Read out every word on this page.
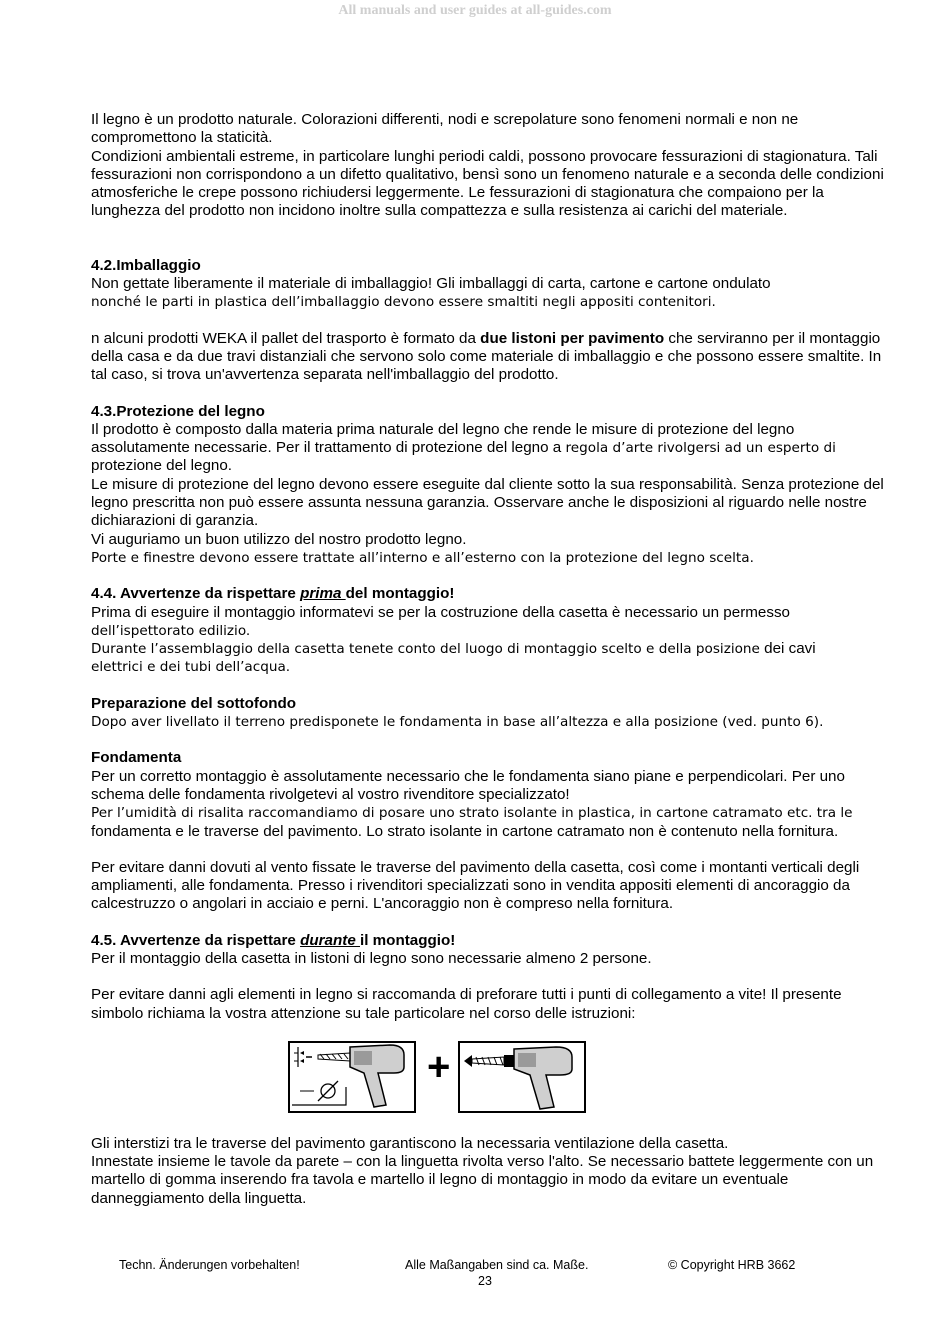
All manuals and user guides at all-guides.com

Il legno è un prodotto naturale. Colorazioni differenti, nodi e screpolature sono fenomeni normali e non ne compromettono la staticità.

Condizioni ambientali estreme, in particolare lunghi periodi caldi, possono provocare fessurazioni di stagionatura. Tali fessurazioni non corrispondono a un difetto qualitativo, bensì sono un fenomeno naturale e a seconda delle condizioni atmosferiche le crepe possono richiudersi leggermente. Le fessurazioni di stagionatura che compaiono per la lunghezza del prodotto non incidono inoltre sulla compattezza e sulla resistenza ai carichi del materiale.

4.2.Imballaggio

Non gettate liberamente il materiale di imballaggio! Gli imballaggi di carta, cartone e cartone ondulato

nonché le parti in plastica dell’imballaggio devono essere smaltiti negli appositi contenitori.

n alcuni prodotti WEKA il pallet del trasporto è formato da due listoni per pavimento che serviranno per il montaggio della casa e da due travi distanziali che servono solo come materiale di imballaggio e che possono essere smaltite. In tal caso, si trova un'avvertenza separata nell'imballaggio del prodotto.

4.3.Protezione del legno

Il prodotto è composto dalla materia prima naturale del legno che rende le misure di protezione del legno assolutamente necessarie. Per il trattamento di protezione del legno a regola d’arte rivolgersi ad un esperto di protezione del legno.

Le misure di protezione del legno devono essere eseguite dal cliente sotto la sua responsabilità. Senza protezione del legno prescritta non può essere assunta nessuna garanzia. Osservare anche le disposizioni al riguardo nelle nostre dichiarazioni di garanzia.

Vi auguriamo un buon utilizzo del nostro prodotto legno.

Porte e finestre devono essere trattate all’interno e all’esterno con la protezione del legno scelta.

4.4. Avvertenze da rispettare prima del montaggio!

Prima di eseguire il montaggio informatevi se per la costruzione della casetta è necessario un permesso

dell’ispettorato edilizio.

Durante l’assemblaggio della casetta tenete conto del luogo di montaggio scelto e della posizione dei cavi

elettrici e dei tubi dell’acqua.

Preparazione del sottofondo

Dopo aver livellato il terreno predisponete le fondamenta in base all’altezza e alla posizione (ved. punto 6).

Fondamenta

Per un corretto montaggio è assolutamente necessario che le fondamenta siano piane e perpendicolari. Per uno schema delle fondamenta rivolgetevi al vostro rivenditore specializzato!

Per l’umidità di risalita raccomandiamo di posare uno strato isolante in plastica, in cartone catramato etc. tra le

fondamenta e le traverse del pavimento. Lo strato isolante in cartone catramato non è contenuto nella fornitura.

Per evitare danni dovuti al vento fissate le traverse del pavimento della casetta, così come i montanti verticali degli ampliamenti, alle fondamenta. Presso i rivenditori specializzati sono in vendita appositi elementi di ancoraggio da calcestruzzo o angolari in acciaio e perni. L'ancoraggio non è compreso nella fornitura.

4.5. Avvertenze da rispettare durante il montaggio!

Per il montaggio della casetta in listoni di legno sono necessarie almeno 2 persone.

Per evitare danni agli elementi in legno si raccomanda di preforare tutti i punti di collegamento a vite! Il presente simbolo richiama la vostra attenzione su tale particolare nel corso delle istruzioni:

+

Gli interstizi tra le traverse del pavimento garantiscono la necessaria ventilazione della casetta.

Innestate insieme le tavole da parete – con la linguetta rivolta verso l'alto. Se necessario battete leggermente con un martello di gomma inserendo fra tavola e martello il legno di montaggio in modo da evitare un eventuale danneggiamento della linguetta.

Techn. Änderungen vorbehalten!	Alle Maßangaben sind ca. Maße.	© Copyright HRB 3662
23
